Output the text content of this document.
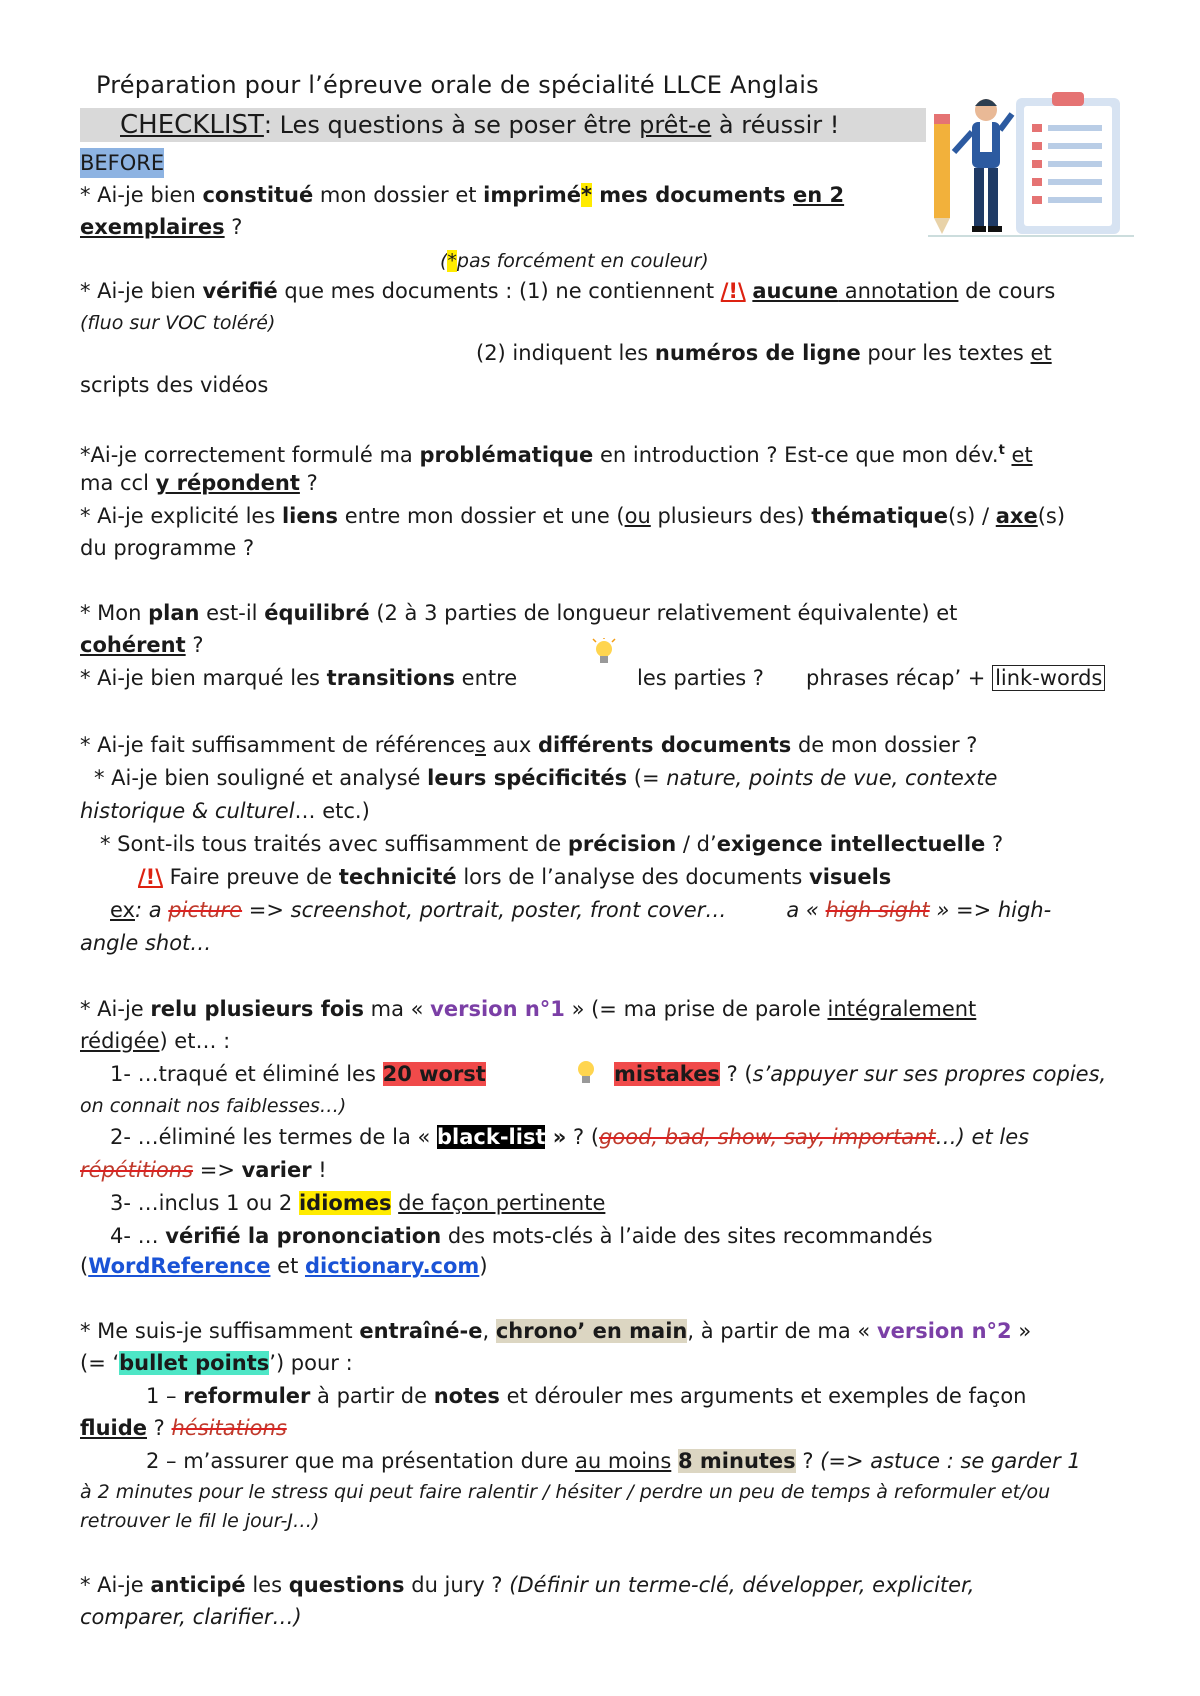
Préparation pour l’épreuve orale de spécialité LLCE Anglais
CHECKLIST: Les questions à se poser être prêt-e à réussir !
BEFORE
* Ai-je bien constitué mon dossier et imprimé* mes documents en 2
exemplaires ?
(*pas forcément en couleur)
* Ai-je bien vérifié que mes documents : (1) ne contiennent /!\ aucune annotation de cours
(fluo sur VOC toléré)
(2) indiquent les numéros de ligne pour les textes et
scripts des vidéos
*Ai-je correctement formulé ma problématique en introduction ? Est-ce que mon dév.$^t$ et
ma ccl y répondent ?
* Ai-je explicité les liens entre mon dossier et une (ou plusieurs des) thématique(s) / axe(s)
du programme ?
* Mon plan est-il équilibré (2 à 3 parties de longueur relativement équivalente) et
cohérent ?
* Ai-je bien marqué les transitions entre	les parties ? phrases récap’ + link-words
* Ai-je fait suffisamment de références aux différents documents de mon dossier ?
* Ai-je bien souligné et analysé leurs spécificités (= nature, points de vue, contexte
historique & culturel… etc.)
* Sont-ils tous traités avec suffisamment de précision / d’exigence intellectuelle ?
/!\ Faire preuve de technicité lors de l’analyse des documents visuels
ex: a picture => screenshot, portrait, poster, front cover…	a « high sight » => high-
angle shot…
* Ai-je relu plusieurs fois ma « version n°1 » (= ma prise de parole intégralement
rédigée) et… :
1- …traqué et éliminé les 20 worst	mistakes ? (s’appuyer sur ses propres copies,
on connait nos faiblesses…)
2- …éliminé les termes de la « black-list » ? (good, bad, show, say, important…) et les
répétitions => varier !
3- …inclus 1 ou 2 idiomes de façon pertinente
4- … vérifié la prononciation des mots-clés à l’aide des sites recommandés
(WordReference et dictionary.com)
* Me suis-je suffisamment entraîné-e, chrono’ en main, à partir de ma « version n°2 »
(= ‘bullet points’) pour :
1 – reformuler à partir de notes et dérouler mes arguments et exemples de façon
fluide ? hésitations
2 – m’assurer que ma présentation dure au moins 8 minutes ? (=> astuce : se garder 1
à 2 minutes pour le stress qui peut faire ralentir / hésiter / perdre un peu de temps à reformuler et/ou
retrouver le fil le jour-J…)
* Ai-je anticipé les questions du jury ? (Définir un terme-clé, développer, expliciter,
comparer, clarifier…)
